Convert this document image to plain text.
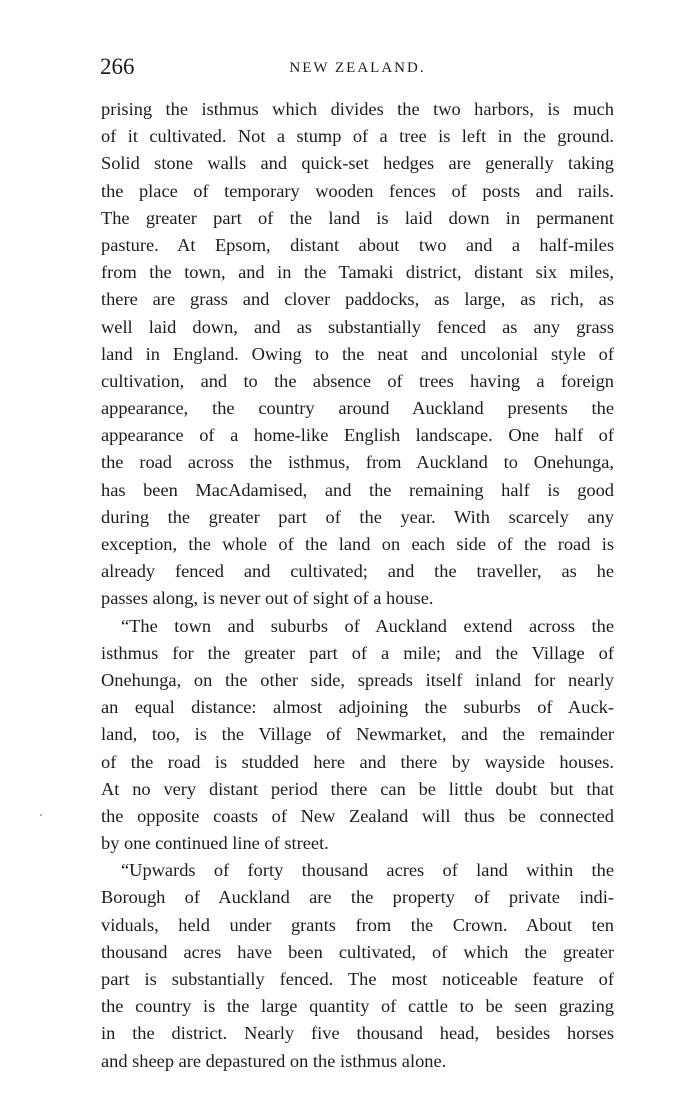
266	NEW ZEALAND.
prising the isthmus which divides the two harbors, is much
of it cultivated. Not a stump of a tree is left in the ground.
Solid stone walls and quick-set hedges are generally taking
the place of temporary wooden fences of posts and rails.
The greater part of the land is laid down in permanent
pasture. At Epsom, distant about two and a half-miles
from the town, and in the Tamaki district, distant six miles,
there are grass and clover paddocks, as large, as rich, as
well laid down, and as substantially fenced as any grass
land in England. Owing to the neat and uncolonial style of
cultivation, and to the absence of trees having a foreign
appearance, the country around Auckland presents the
appearance of a home-like English landscape. One half of
the road across the isthmus, from Auckland to Onehunga,
has been MacAdamised, and the remaining half is good
during the greater part of the year. With scarcely any
exception, the whole of the land on each side of the road is
already fenced and cultivated; and the traveller, as he
passes along, is never out of sight of a house.
“The town and suburbs of Auckland extend across the
isthmus for the greater part of a mile; and the Village of
Onehunga, on the other side, spreads itself inland for nearly
an equal distance: almost adjoining the suburbs of Auck-
land, too, is the Village of Newmarket, and the remainder
of the road is studded here and there by wayside houses.
At no very distant period there can be little doubt but that
the opposite coasts of New Zealand will thus be connected
by one continued line of street.
“Upwards of forty thousand acres of land within the
Borough of Auckland are the property of private indi-
viduals, held under grants from the Crown. About ten
thousand acres have been cultivated, of which the greater
part is substantially fenced. The most noticeable feature of
the country is the large quantity of cattle to be seen grazing
in the district. Nearly five thousand head, besides horses
and sheep are depastured on the isthmus alone.
